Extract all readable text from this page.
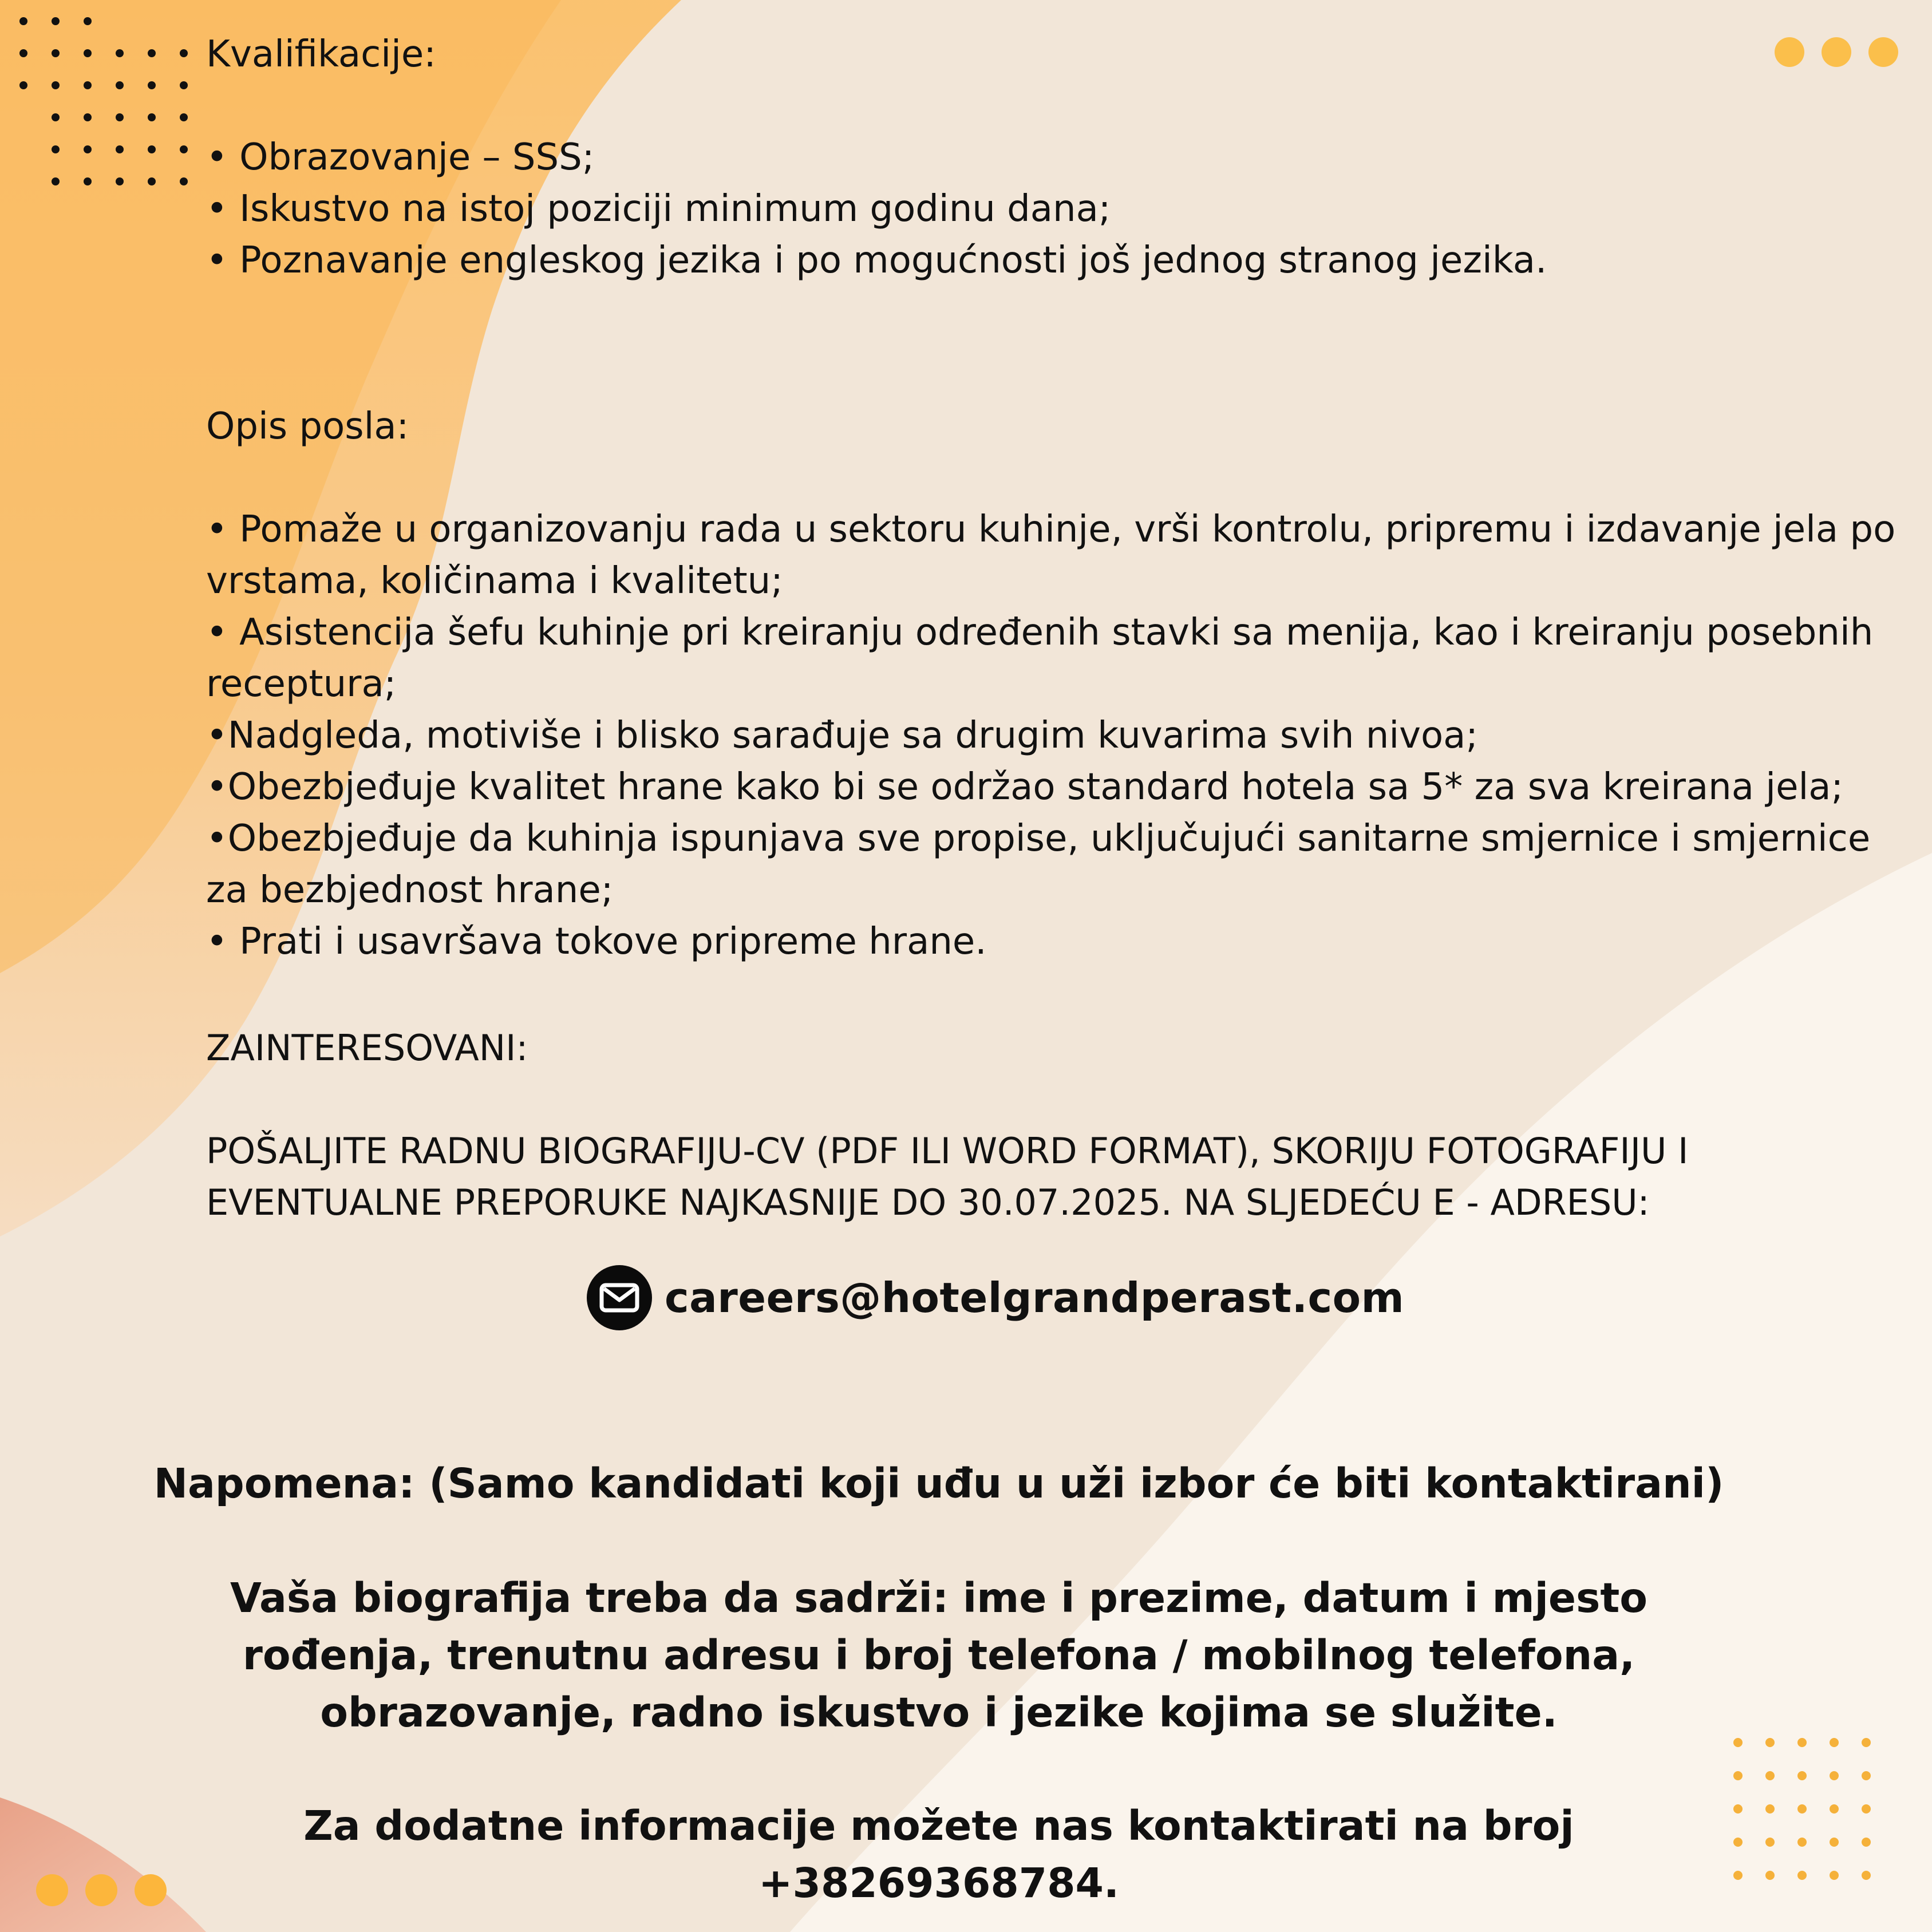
Kvalifikacije:

• Obrazovanje – SSS;
• Iskustvo na istoj poziciji minimum godinu dana;
• Poznavanje engleskog jezika i po mogućnosti još jednog stranog jezika.

Opis posla:

• Pomaže u organizovanju rada u sektoru kuhinje, vrši kontrolu, pripremu i izdavanje jela po vrstama, količinama i kvalitetu;
• Asistencija šefu kuhinje pri kreiranju određenih stavki sa menija, kao i kreiranju posebnih receptura;
•Nadgleda, motiviše i blisko sarađuje sa drugim kuvarima svih nivoa;
•Obezbjeđuje kvalitet hrane kako bi se održao standard hotela sa 5* za sva kreirana jela;
•Obezbjeđuje da kuhinja ispunjava sve propise, uključujući sanitarne smjernice i smjernice za bezbjednost hrane;
• Prati i usavršava tokove pripreme hrane.

ZAINTERESOVANI:

POŠALJITE RADNU BIOGRAFIJU-CV (PDF ILI WORD FORMAT), SKORIJU FOTOGRAFIJU I EVENTUALNE PREPORUKE NAJKASNIJE DO 30.07.2025. NA SLJEDEĆU E - ADRESU:

careers@hotelgrandperast.com
Napomena: (Samo kandidati koji uđu u uži izbor će biti kontaktirani)
Vaša biografija treba da sadrži: ime i prezime, datum i mjesto rođenja, trenutnu adresu i broj telefona / mobilnog telefona, obrazovanje, radno iskustvo i jezike kojima se služite.
Za dodatne informacije možete nas kontaktirati na broj +38269368784.
